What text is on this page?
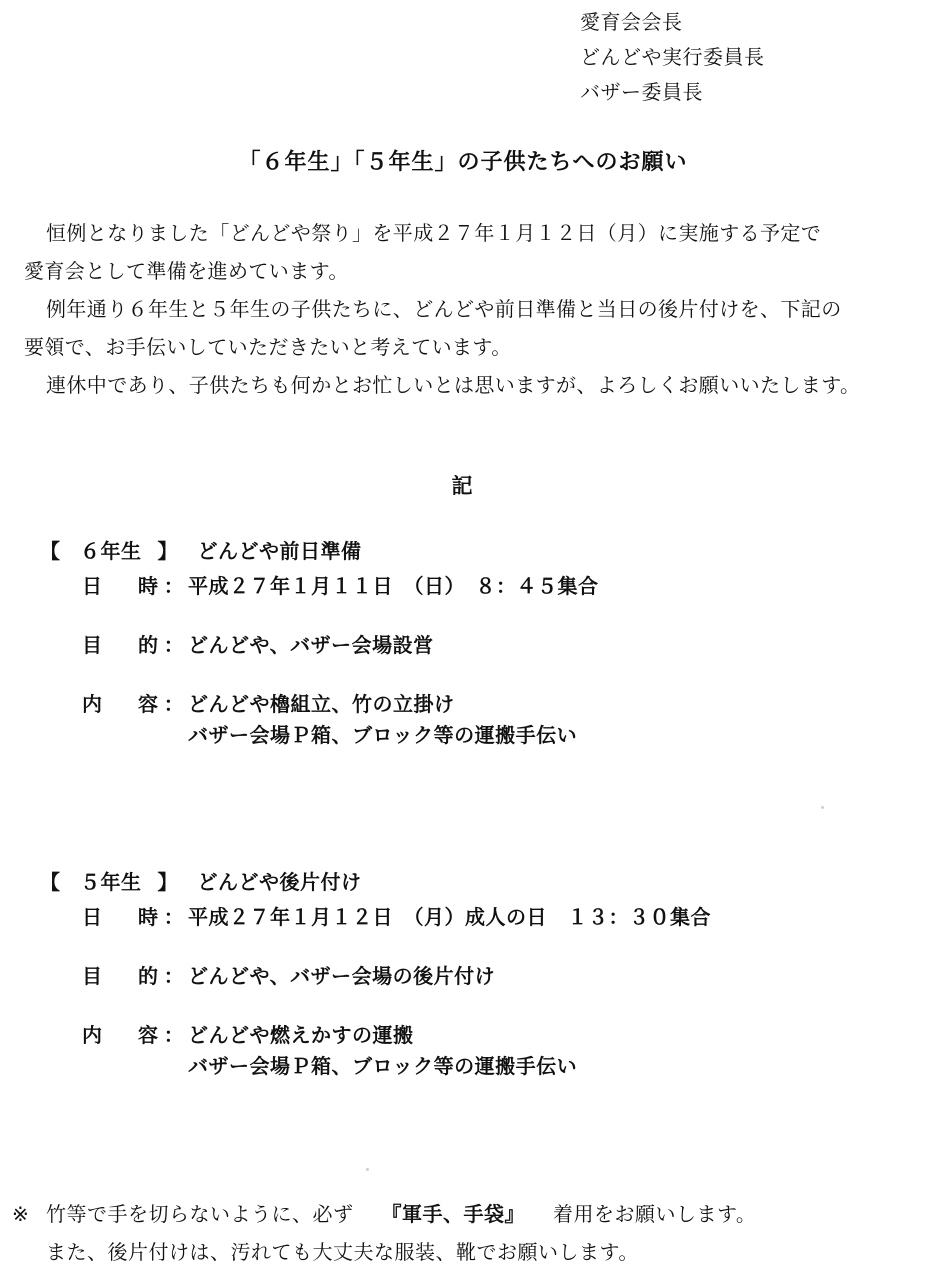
愛育会会長
どんどや実行委員長
バザー委員長
「６年生」「５年生」の子供たちへのお願い

恒例となりました「どんどや祭り」を平成２７年１月１２日（月）に実施する予定で

愛育会として準備を進めています。

例年通り６年生と５年生の子供たちに、どんどや前日準備と当日の後片付けを、下記の

要領で、お手伝いしていただきたいと考えています。

連休中であり、子供たちも何かとお忙しいとは思いますが、よろしくお願いいたします。

記
【 ６年生 】 どんどや前日準備
日　時： 平成２７年１月１１日　（日）　８：４５集合
目　的： どんどや、バザー会場設営
内　容： どんどや櫓組立、竹の立掛け
バザー会場Ｐ箱、ブロック等の運搬手伝い
【 ５年生 】 どんどや後片付け
日　時： 平成２７年１月１２日　（月）成人の日　１３：３０集合
目　的： どんどや、バザー会場の後片付け
内　容： どんどや燃えかすの運搬
バザー会場Ｐ箱、ブロック等の運搬手伝い
※ 竹等で手を切らないように、必ず 『軍手、手袋』 着用をお願いします。
また、後片付けは、汚れても大丈夫な服装、靴でお願いします。
